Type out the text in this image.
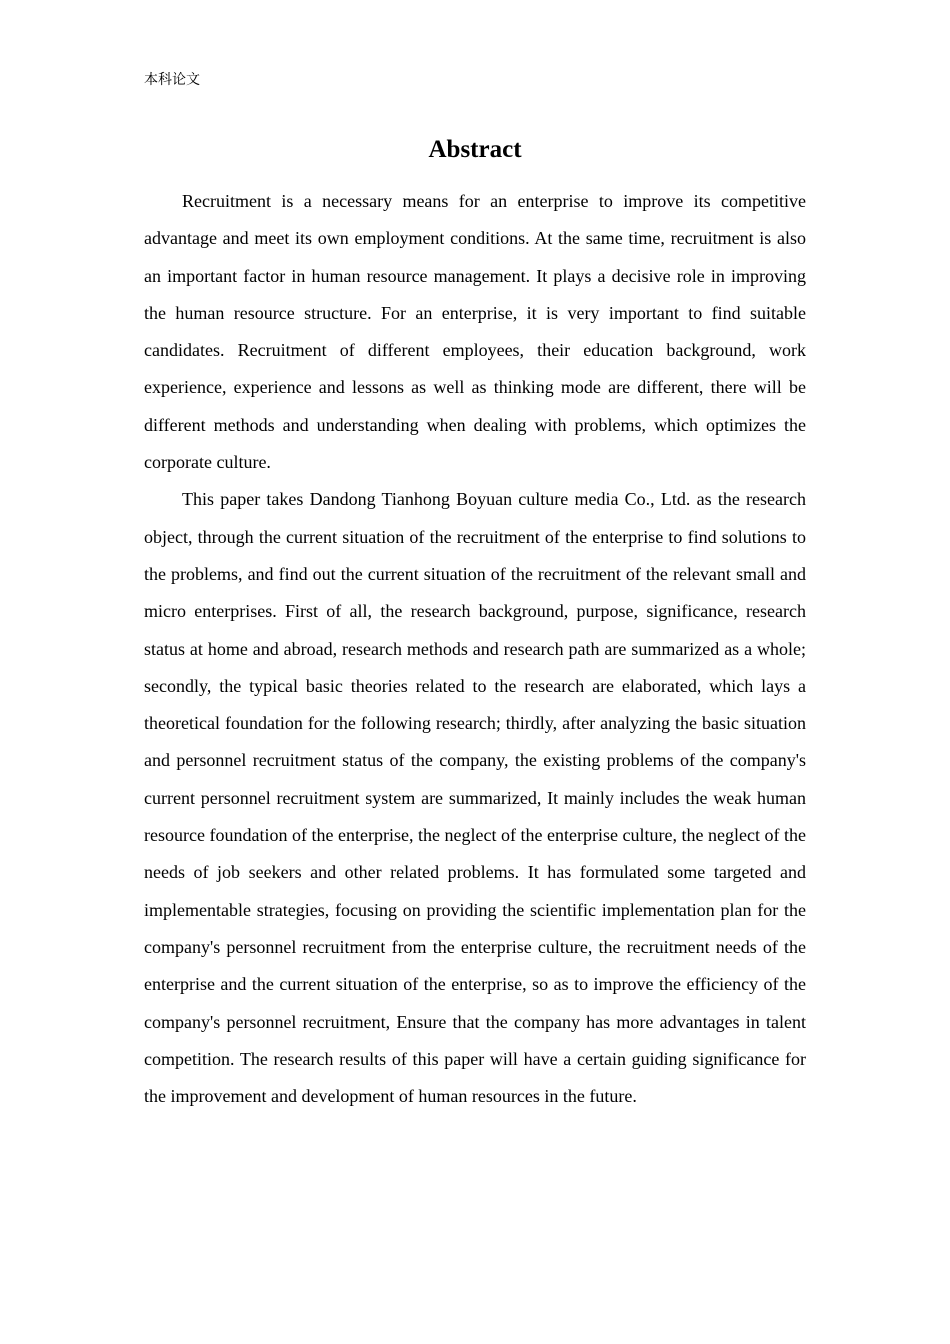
本科论文
Abstract

Recruitment is a necessary means for an enterprise to improve its competitive advantage and meet its own employment conditions. At the same time, recruitment is also an important factor in human resource management. It plays a decisive role in improving the human resource structure. For an enterprise, it is very important to find suitable candidates. Recruitment of different employees, their education background, work experience, experience and lessons as well as thinking mode are different, there will be different methods and understanding when dealing with problems, which optimizes the corporate culture.

This paper takes Dandong Tianhong Boyuan culture media Co., Ltd. as the research object, through the current situation of the recruitment of the enterprise to find solutions to the problems, and find out the current situation of the recruitment of the relevant small and micro enterprises. First of all, the research background, purpose, significance, research status at home and abroad, research methods and research path are summarized as a whole; secondly, the typical basic theories related to the research are elaborated, which lays a theoretical foundation for the following research; thirdly, after analyzing the basic situation and personnel recruitment status of the company, the existing problems of the company's current personnel recruitment system are summarized, It mainly includes the weak human resource foundation of the enterprise, the neglect of the enterprise culture, the neglect of the needs of job seekers and other related problems. It has formulated some targeted and implementable strategies, focusing on providing the scientific implementation plan for the company's personnel recruitment from the enterprise culture, the recruitment needs of the enterprise and the current situation of the enterprise, so as to improve the efficiency of the company's personnel recruitment, Ensure that the company has more advantages in talent competition. The research results of this paper will have a certain guiding significance for the improvement and development of human resources in the future.
